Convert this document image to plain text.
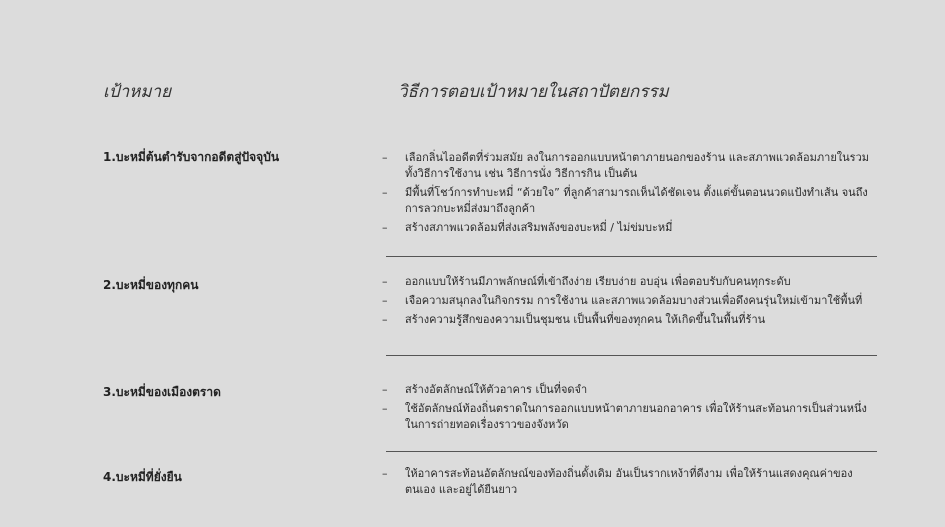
เป้าหมาย	วิธีการตอบเป้าหมายในสถาปัตยกรรม
1.บะหมี่ต้นตำรับจากอดีตสู่ปัจจุบัน	– เลือกลิ่นไออดีตที่ร่วมสมัย ลงในการออกแบบหน้าตาภายนอกของร้าน และสภาพแวดล้อมภายในรวมทั้งวิธีการใช้งาน เช่น วิธีการนั่ง วิธีการกิน เป็นต้น
– มีพื้นที่โชว์การทำบะหมี่ “ด้วยใจ” ที่ลูกค้าสามารถเห็นได้ชัดเจน ตั้งแต่ขั้นตอนนวดแป้งทำเส้น จนถึงการลวกบะหมี่ส่งมาถึงลูกค้า
– สร้างสภาพแวดล้อมที่ส่งเสริมพลังของบะหมี่ / ไม่ข่มบะหมี่
2.บะหมี่ของทุกคน	– ออกแบบให้ร้านมีภาพลักษณ์ที่เข้าถึงง่าย เรียบง่าย อบอุ่น เพื่อตอบรับกับคนทุกระดับ
– เจือความสนุกลงในกิจกรรม การใช้งาน และสภาพแวดล้อมบางส่วนเพื่อดึงคนรุ่นใหม่เข้ามาใช้พื้นที่
– สร้างความรู้สึกของความเป็นชุมชน เป็นพื้นที่ของทุกคน ให้เกิดขึ้นในพื้นที่ร้าน
3.บะหมี่ของเมืองตราด	– สร้างอัตลักษณ์ให้ตัวอาคาร เป็นที่จดจำ
– ใช้อัตลักษณ์ท้องถิ่นตราดในการออกแบบหน้าตาภายนอกอาคาร เพื่อให้ร้านสะท้อนการเป็นส่วนหนึ่งในการถ่ายทอดเรื่องราวของจังหวัด
4.บะหมี่ที่ยั่งยืน	– ให้อาคารสะท้อนอัตลักษณ์ของท้องถิ่นดั้งเดิม อันเป็นรากเหง้าที่ดีงาม เพื่อให้ร้านแสดงคุณค่าของตนเอง และอยู่ได้ยืนยาว
